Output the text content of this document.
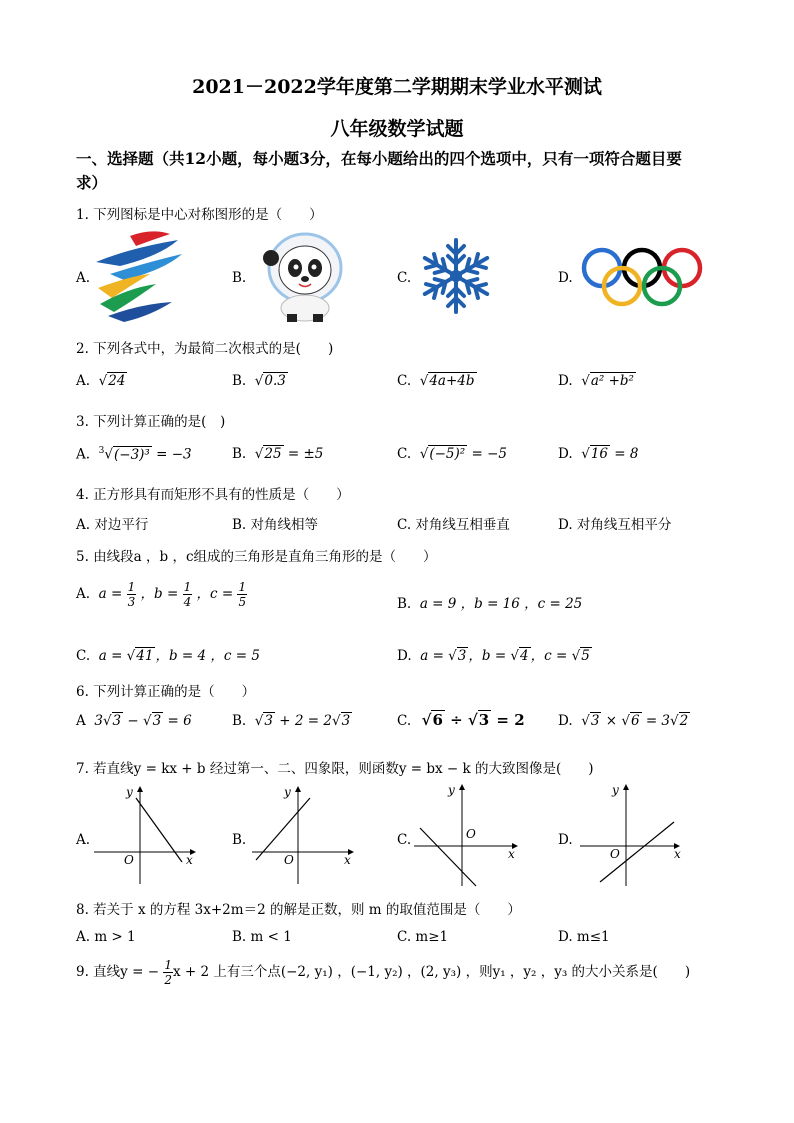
2021－2022学年度第二学期期末学业水平测试
八年级数学试题
一、选择题（共12小题，每小题3分，在每小题给出的四个选项中，只有一项符合题目要
求）
1. 下列图标是中心对称图形的是（　　）
A.	B.	C.	D.
2. 下列各式中，为最简二次根式的是(　　)
A.  √24	B.  √0.3	C.  √4a+4b	D.  √a² +b²
3. 下列计算正确的是(　)
A. $^3$√(−3)³ = −3	B.  √25 = ±5	C.  √(−5)² = −5	D.  √16 = 8
4. 正方形具有而矩形不具有的性质是（　　）
A. 对边平行	B. 对角线相等	C. 对角线互相垂直	D. 对角线互相平分
5. 由线段a ，b ，c组成的三角形是直角三角形的是（　　）
A. $a = \frac{1}{3}$ ，$b = \frac{1}{4}$ ，$c = \frac{1}{5}$	B. a = 9 ，b = 16 ，c = 25
C. a = √41 ，b = 4 ，c = 5	D. a = √3 ，b = √4 ，c = √5
6. 下列计算正确的是（　　）
A 3√3 − √3 = 6	B.  √3 + 2 = 2√3	C.  √6 ÷ √3 = 2 D.  √3 × √6 = 3√2
7. 若直线y = kx + b 经过第一、二、四象限，则函数y = bx − k 的大致图像是(　　)
A.
y
x
O
B.
y
x
O
C.
y
x
O	D.
y
x
O
8. 若关于 x 的方程 3x+2m＝2 的解是正数，则 m 的取值范围是（　　）
A. m > 1	B. m < 1	C. m≥1	D. m≤1
9. 直线y = − $\frac{1}{2}$ x + 2 上有三个点(−2, y₁) ，(−1, y₂) ，(2, y₃) ，则y₁ ，y₂ ，y₃ 的大小关系是(　　)
